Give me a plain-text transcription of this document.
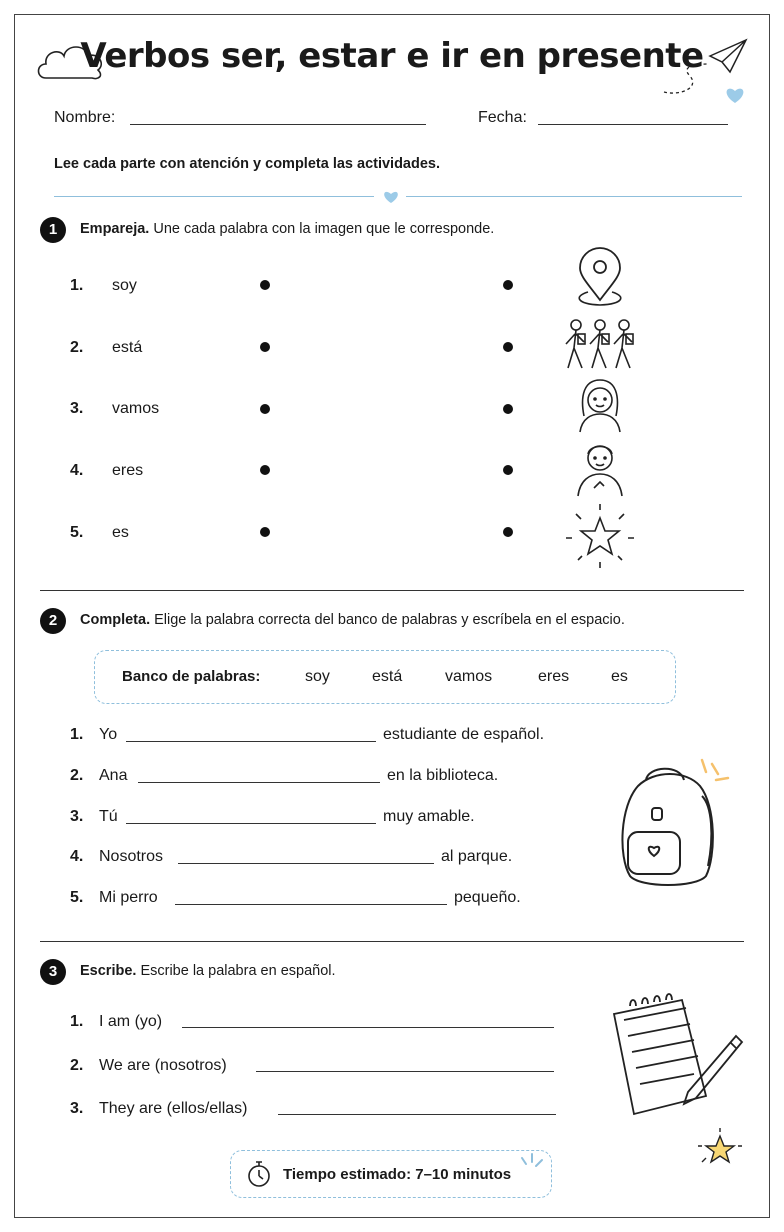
Verbos ser, estar e ir en presente
Nombre:	Fecha:
Lee cada parte con atención y completa las actividades.
1	Empareja. Une cada palabra con la imagen que le corresponde.
1. soy
2. está
3. vamos
4. eres
5. es
2	Completa. Elige la palabra correcta del banco de palabras y escríbela en el espacio.
Banco de palabras:	soy	está	vamos	eres	es
1. Yo	estudiante de español.
2. Ana	en la biblioteca.
3. Tú	muy amable.
4. Nosotros	al parque.
5. Mi perro	pequeño.
3	Escribe. Escribe la palabra en español.
1. I am (yo)
2. We are (nosotros)
3. They are (ellos/ellas)
Tiempo estimado: 7–10 minutos
